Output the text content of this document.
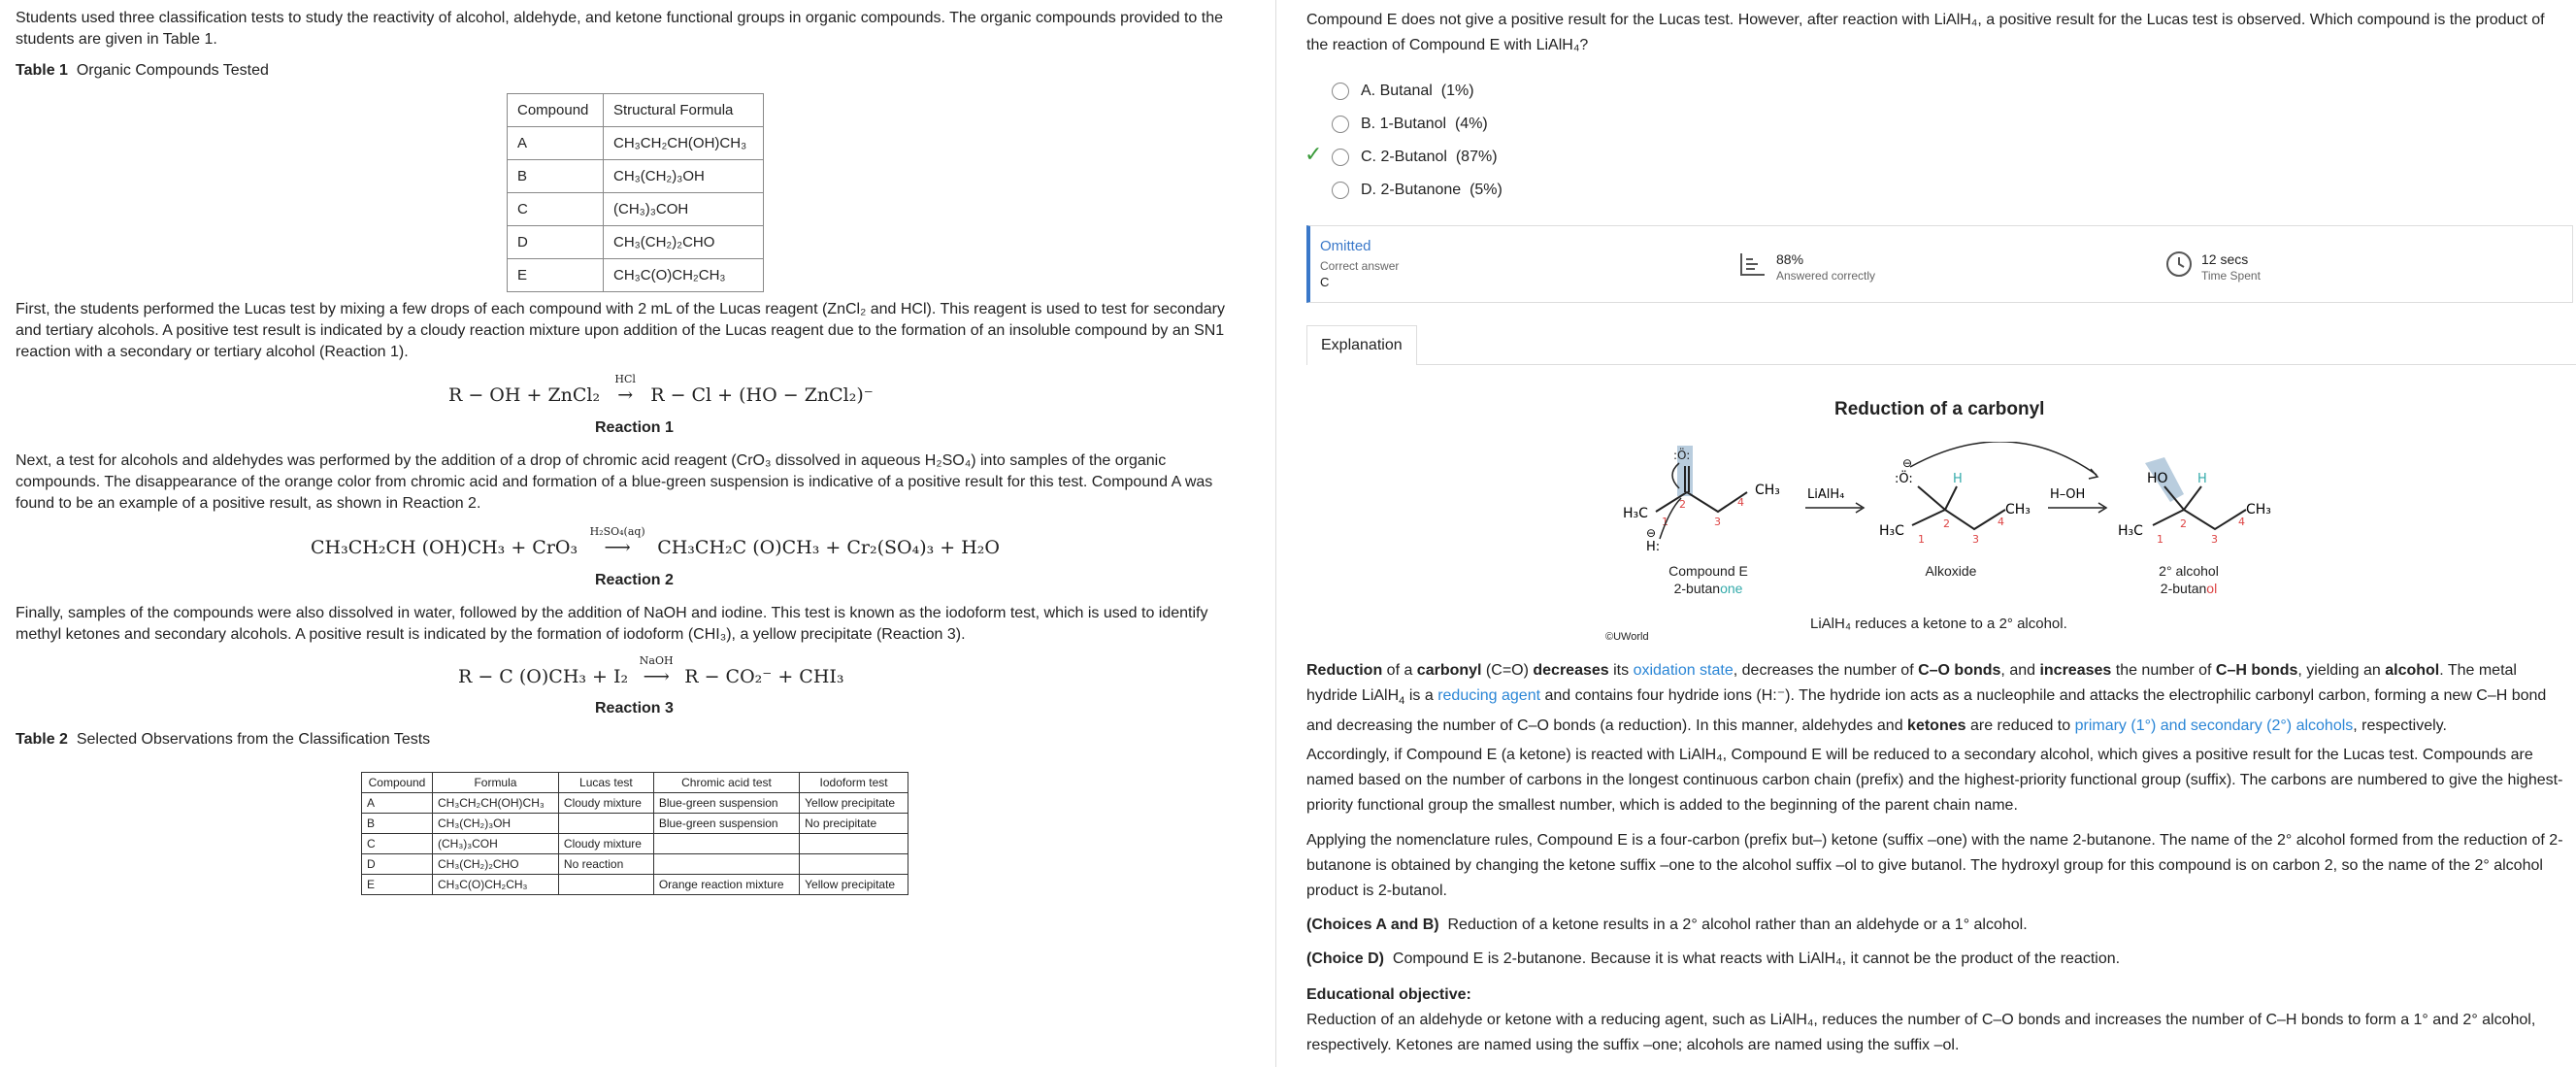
Students used three classification tests to study the reactivity of alcohol, aldehyde, and ketone functional groups in organic compounds. The organic compounds provided to the students are given in Table 1.
Table 1 Organic Compounds Tested
Compound	Structural Formula
A	CH₃CH₂CH(OH)CH₃
B	CH₃(CH₂)₃OH
C	(CH₃)₃COH
D	CH₃(CH₂)₂CHO
E	CH₃C(O)CH₂CH₃
First, the students performed the Lucas test by mixing a few drops of each compound with 2 mL of the Lucas reagent (ZnCl₂ and HCl). This reagent is used to test for secondary and tertiary alcohols. A positive test result is indicated by a cloudy reaction mixture upon addition of the Lucas reagent due to the formation of an insoluble compound by an SN1 reaction with a secondary or tertiary alcohol (Reaction 1).
R − OH + ZnCl₂
HCl
→ R − Cl + (HO − ZnCl₂)⁻
Reaction 1
Next, a test for alcohols and aldehydes was performed by the addition of a drop of chromic acid reagent (CrO₃ dissolved in aqueous H₂SO₄) into samples of the organic compounds. The disappearance of the orange color from chromic acid and formation of a blue-green suspension is indicative of a positive result for this test. Compound A was found to be an example of a positive result, as shown in Reaction 2.
CH₃CH₂CH (OH)CH₃ + CrO₃
H₂SO₄(aq)
⟶ CH₃CH₂C (O)CH₃ + Cr₂(SO₄)₃ + H₂O
Reaction 2
Finally, samples of the compounds were also dissolved in water, followed by the addition of NaOH and iodine. This test is known as the iodoform test, which is used to identify methyl ketones and secondary alcohols. A positive result is indicated by the formation of iodoform (CHI₃), a yellow precipitate (Reaction 3).
R − C (O)CH₃ + I₂
NaOH
⟶ R − CO₂⁻ + CHI₃
Reaction 3
Table 2 Selected Observations from the Classification Tests
Compound	Formula	Lucas test	Chromic acid test	Iodoform test
A	CH₃CH₂CH(OH)CH₃	Cloudy mixture	Blue-green suspension	Yellow precipitate
B	CH₃(CH₂)₃OH		Blue-green suspension	No precipitate
C	(CH₃)₃COH	Cloudy mixture		
D	CH₃(CH₂)₂CHO	No reaction		
E	CH₃C(O)CH₂CH₃		Orange reaction mixture	Yellow precipitate
Compound E does not give a positive result for the Lucas test. However, after reaction with LiAlH₄, a positive result for the Lucas test is observed. Which compound is the product of the reaction of Compound E with LiAlH₄?
A. Butanal (1%)
B. 1-Butanol (4%)
✓	C. 2-Butanol (87%)
D. 2-Butanone (5%)
Omitted
Correct answer
C
88%
Answered correctly
12 secs
Time Spent
Explanation
Reduction of a carbonyl
:Ö:
H₃C
CH₃
1
2
3
4
⊖
H:
LiAlH₄
⊖
:Ö:	H
H₃C
CH₃
1
2
3
4
H–OH
HO H
H₃C
CH₃
1
2
3
4
Compound E
2-butanone
Alkoxide	2° alcohol
2-butanol
LiAlH₄ reduces a ketone to a 2° alcohol.
©UWorld
Reduction of a carbonyl (C=O) decreases its oxidation state, decreases the number of C–O bonds, and increases the number of C–H bonds, yielding an alcohol. The metal hydride LiAlH$_4$ is a reducing agent and contains four hydride ions (H:⁻). The hydride ion acts as a nucleophile and attacks the electrophilic carbonyl carbon, forming a new C–H bond and decreasing the number of C–O bonds (a reduction). In this manner, aldehydes and ketones are reduced to primary (1°) and secondary (2°) alcohols, respectively.
Accordingly, if Compound E (a ketone) is reacted with LiAlH₄, Compound E will be reduced to a secondary alcohol, which gives a positive result for the Lucas test. Compounds are named based on the number of carbons in the longest continuous carbon chain (prefix) and the highest-priority functional group (suffix). The carbons are numbered to give the highest-priority functional group the smallest number, which is added to the beginning of the parent chain name.
Applying the nomenclature rules, Compound E is a four-carbon (prefix but–) ketone (suffix –one) with the name 2-butanone. The name of the 2° alcohol formed from the reduction of 2-butanone is obtained by changing the ketone suffix –one to the alcohol suffix –ol to give butanol. The hydroxyl group for this compound is on carbon 2, so the name of the 2° alcohol product is 2-butanol.
(Choices A and B) Reduction of a ketone results in a 2° alcohol rather than an aldehyde or a 1° alcohol.
(Choice D) Compound E is 2-butanone. Because it is what reacts with LiAlH₄, it cannot be the product of the reaction.
Educational objective:
Reduction of an aldehyde or ketone with a reducing agent, such as LiAlH₄, reduces the number of C–O bonds and increases the number of C–H bonds to form a 1° and 2° alcohol, respectively. Ketones are named using the suffix –one; alcohols are named using the suffix –ol.
